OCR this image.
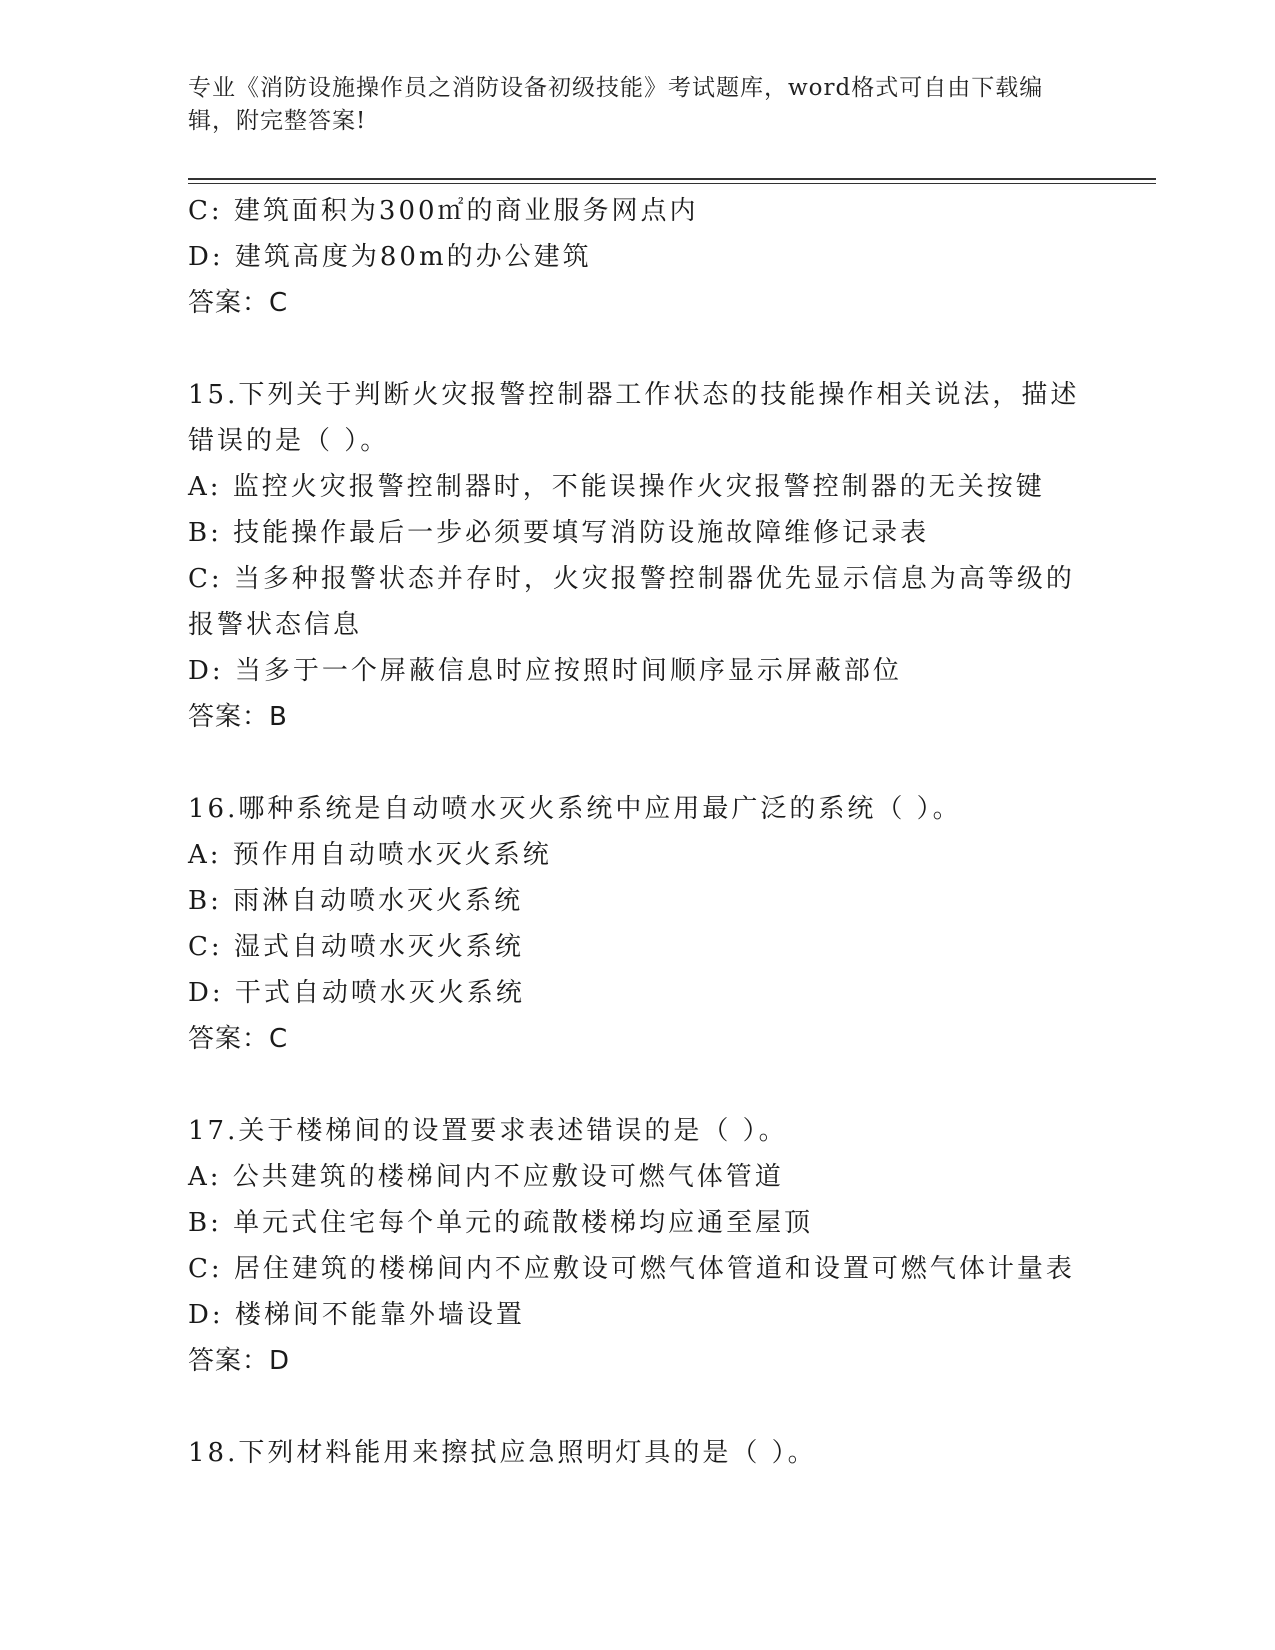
专业《消防设施操作员之消防设备初级技能》考试题库，word格式可自由下载编
辑，附完整答案!
C: 建筑面积为300㎡的商业服务网点内
D: 建筑高度为80m的办公建筑
答案：C
15.下列关于判断火灾报警控制器工作状态的技能操作相关说法，描述
错误的是（ ）。
A: 监控火灾报警控制器时，不能误操作火灾报警控制器的无关按键
B: 技能操作最后一步必须要填写消防设施故障维修记录表
C: 当多种报警状态并存时，火灾报警控制器优先显示信息为高等级的
报警状态信息
D: 当多于一个屏蔽信息时应按照时间顺序显示屏蔽部位
答案：B
16.哪种系统是自动喷水灭火系统中应用最广泛的系统（ ）。
A: 预作用自动喷水灭火系统
B: 雨淋自动喷水灭火系统
C: 湿式自动喷水灭火系统
D: 干式自动喷水灭火系统
答案：C
17.关于楼梯间的设置要求表述错误的是（ ）。
A: 公共建筑的楼梯间内不应敷设可燃气体管道
B: 单元式住宅每个单元的疏散楼梯均应通至屋顶
C: 居住建筑的楼梯间内不应敷设可燃气体管道和设置可燃气体计量表
D: 楼梯间不能靠外墙设置
答案：D
18.下列材料能用来擦拭应急照明灯具的是（ ）。
